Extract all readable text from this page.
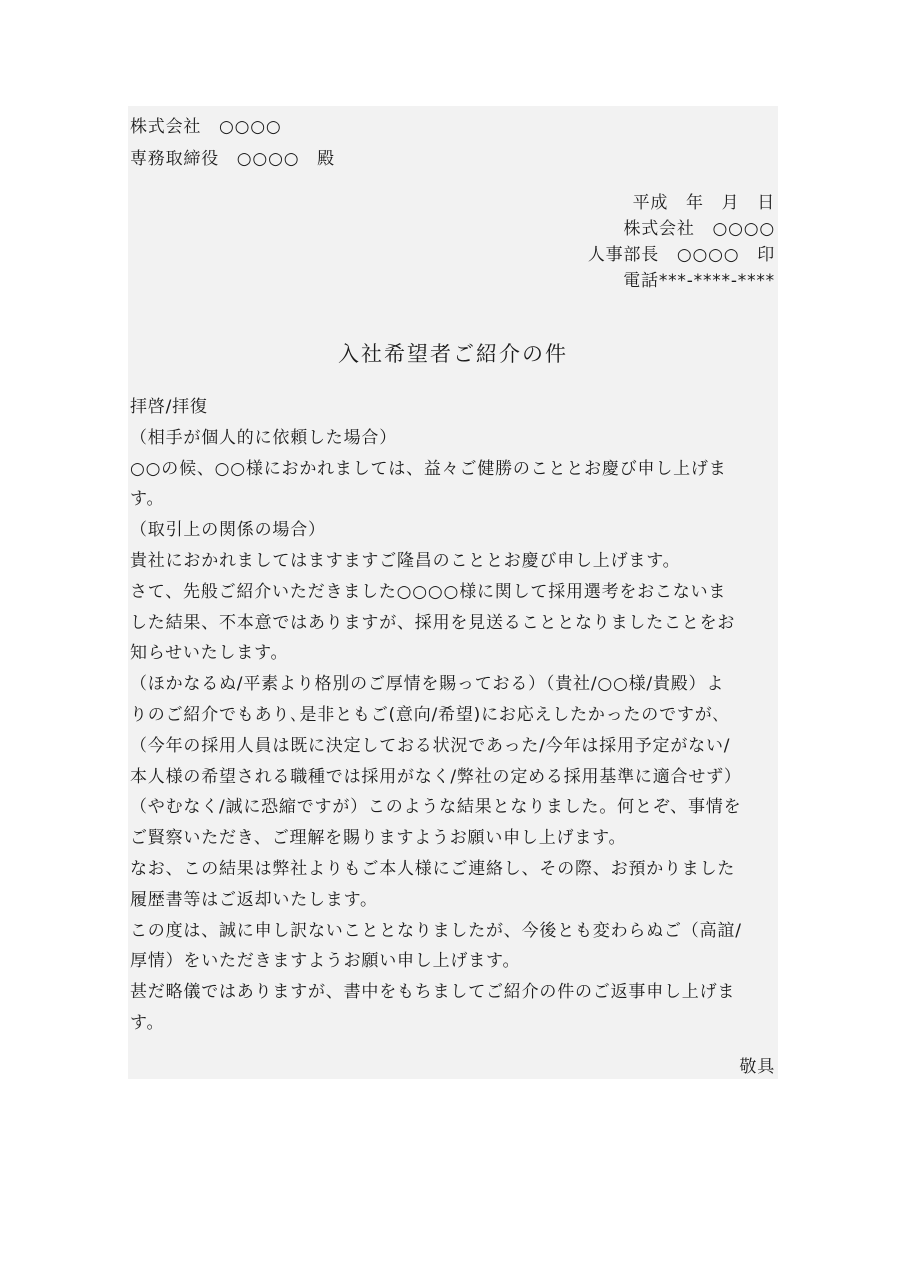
株式会社　○○○○
専務取締役　○○○○　殿
平成　年　月　日
株式会社　○○○○
人事部長　○○○○　印
電話***-****-****
入社希望者ご紹介の件
拝啓/拝復
（相手が個人的に依頼した場合）
○○の候、○○様におかれましては、益々ご健勝のこととお慶び申し上げま
す。
（取引上の関係の場合）
貴社におかれましてはますますご隆昌のこととお慶び申し上げます。
さて、先般ご紹介いただきました○○○○様に関して採用選考をおこないま
した結果、不本意ではありますが、採用を見送ることとなりましたことをお
知らせいたします。
（ほかなるぬ/平素より格別のご厚情を賜っておる）（貴社/○○様/貴殿）よ
りのご紹介でもあり､是非ともご(意向/希望)にお応えしたかったのですが､
（今年の採用人員は既に決定しておる状況であった/今年は採用予定がない/
本人様の希望される職種では採用がなく/弊社の定める採用基準に適合せず）
（やむなく/誠に恐縮ですが）このような結果となりました。何とぞ、事情を
ご賢察いただき、ご理解を賜りますようお願い申し上げます。
なお、この結果は弊社よりもご本人様にご連絡し、その際、お預かりました
履歴書等はご返却いたします。
この度は、誠に申し訳ないこととなりましたが、今後とも変わらぬご（高誼/
厚情）をいただきますようお願い申し上げます。
甚だ略儀ではありますが、書中をもちましてご紹介の件のご返事申し上げま
す。
敬具
